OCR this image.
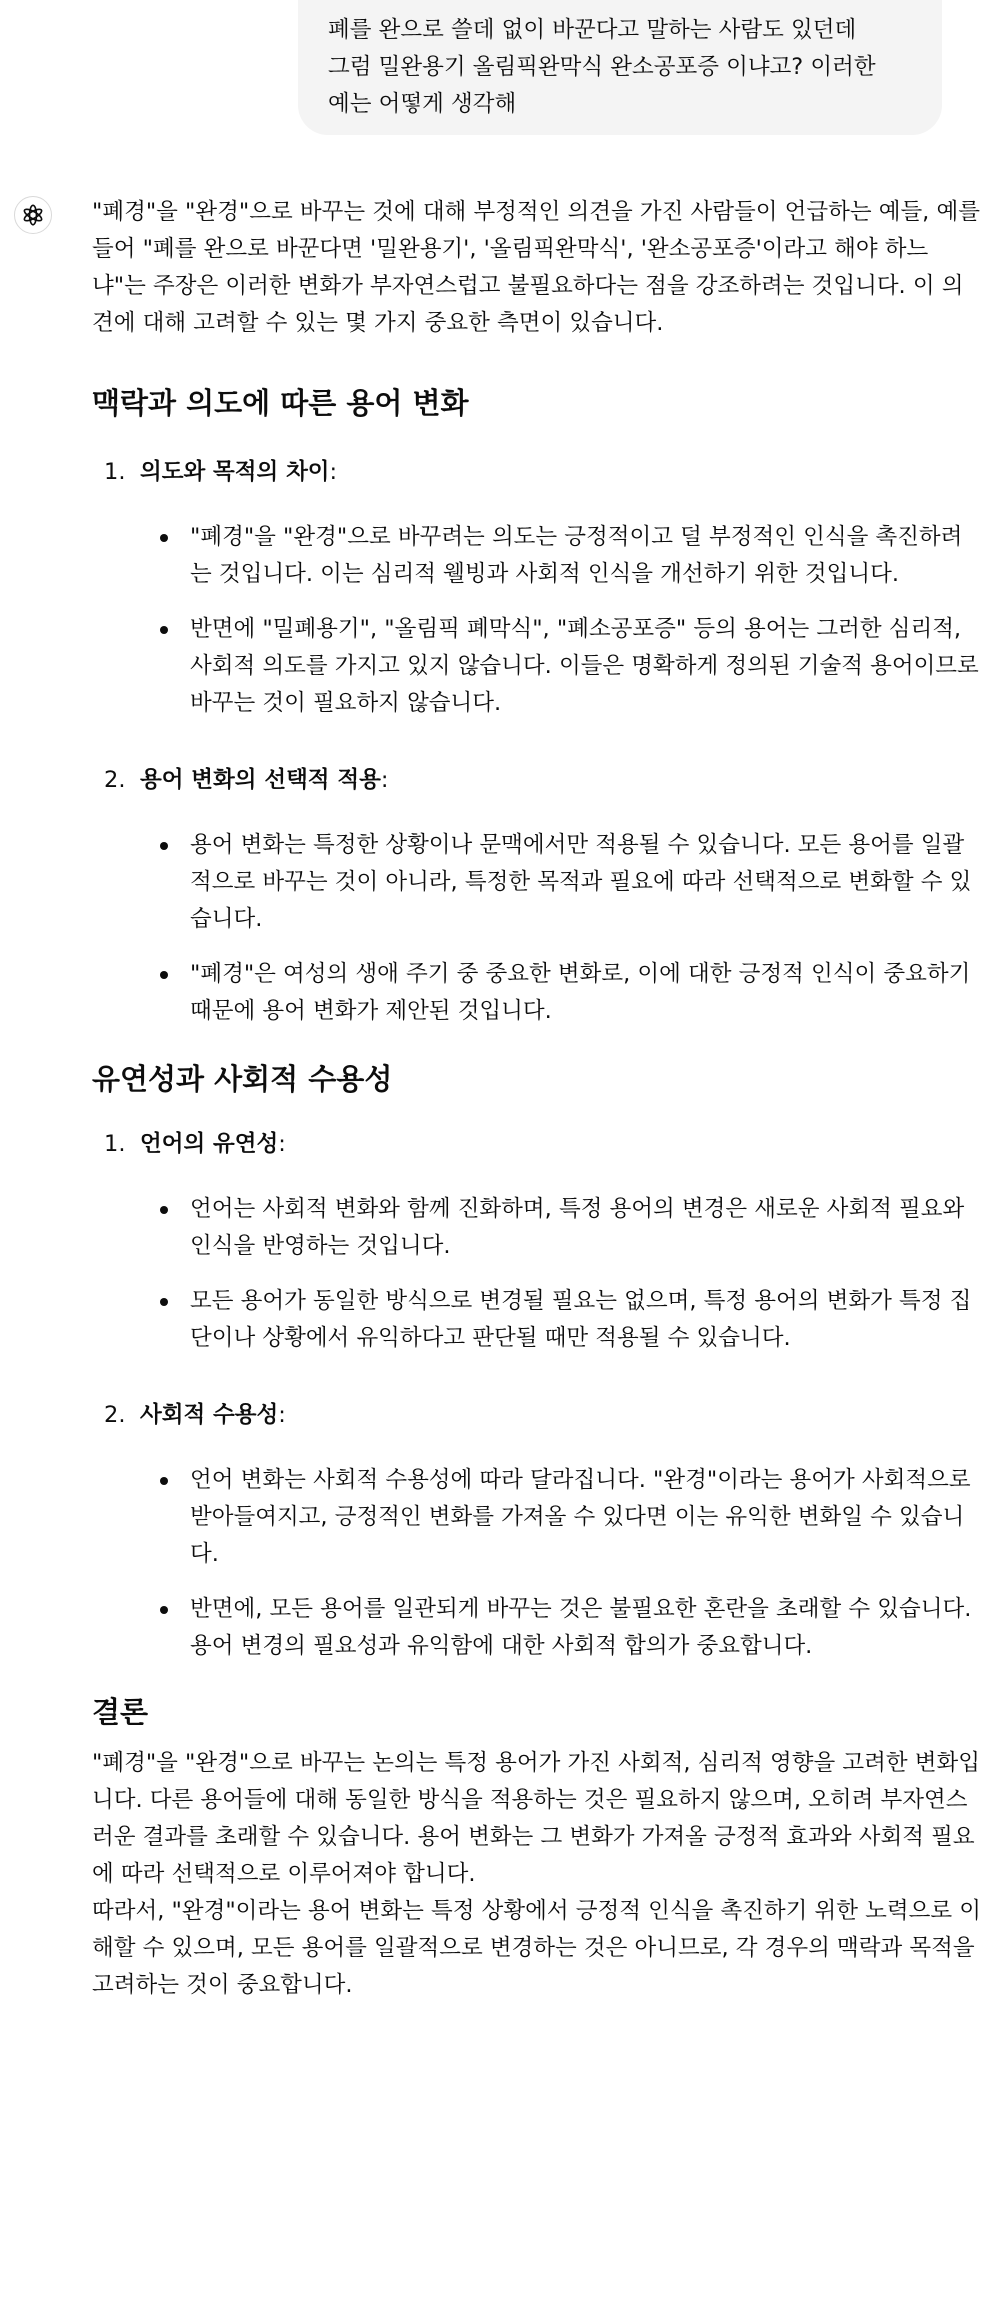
폐를 완으로 쓸데 없이 바꾼다고 말하는 사람도 있던데

그럼 밀완용기 올림픽완막식 완소공포증 이냐고? 이러한

예는 어떻게 생각해

"폐경"을 "완경"으로 바꾸는 것에 대해 부정적인 의견을 가진 사람들이 언급하는 예들, 예를 들어 "폐를 완으로 바꾼다면 '밀완용기', '올림픽완막식', '완소공포증'이라고 해야 하느냐"는 주장은 이러한 변화가 부자연스럽고 불필요하다는 점을 강조하려는 것입니다. 이 의견에 대해 고려할 수 있는 몇 가지 중요한 측면이 있습니다.

맥락과 의도에 따른 용어 변화
1. 의도와 목적의 차이:

"폐경"을 "완경"으로 바꾸려는 의도는 긍정적이고 덜 부정적인 인식을 촉진하려는 것입니다. 이는 심리적 웰빙과 사회적 인식을 개선하기 위한 것입니다.
반면에 "밀폐용기", "올림픽 폐막식", "폐소공포증" 등의 용어는 그러한 심리적, 사회적 의도를 가지고 있지 않습니다. 이들은 명확하게 정의된 기술적 용어이므로 바꾸는 것이 필요하지 않습니다.
2. 용어 변화의 선택적 적용:

용어 변화는 특정한 상황이나 문맥에서만 적용될 수 있습니다. 모든 용어를 일괄적으로 바꾸는 것이 아니라, 특정한 목적과 필요에 따라 선택적으로 변화할 수 있습니다.
"폐경"은 여성의 생애 주기 중 중요한 변화로, 이에 대한 긍정적 인식이 중요하기 때문에 용어 변화가 제안된 것입니다.
유연성과 사회적 수용성
1. 언어의 유연성:

언어는 사회적 변화와 함께 진화하며, 특정 용어의 변경은 새로운 사회적 필요와 인식을 반영하는 것입니다.
모든 용어가 동일한 방식으로 변경될 필요는 없으며, 특정 용어의 변화가 특정 집단이나 상황에서 유익하다고 판단될 때만 적용될 수 있습니다.
2. 사회적 수용성:

언어 변화는 사회적 수용성에 따라 달라집니다. "완경"이라는 용어가 사회적으로 받아들여지고, 긍정적인 변화를 가져올 수 있다면 이는 유익한 변화일 수 있습니다.
반면에, 모든 용어를 일관되게 바꾸는 것은 불필요한 혼란을 초래할 수 있습니다. 용어 변경의 필요성과 유익함에 대한 사회적 합의가 중요합니다.
결론

"폐경"을 "완경"으로 바꾸는 논의는 특정 용어가 가진 사회적, 심리적 영향을 고려한 변화입니다. 다른 용어들에 대해 동일한 방식을 적용하는 것은 필요하지 않으며, 오히려 부자연스러운 결과를 초래할 수 있습니다. 용어 변화는 그 변화가 가져올 긍정적 효과와 사회적 필요에 따라 선택적으로 이루어져야 합니다.

따라서, "완경"이라는 용어 변화는 특정 상황에서 긍정적 인식을 촉진하기 위한 노력으로 이해할 수 있으며, 모든 용어를 일괄적으로 변경하는 것은 아니므로, 각 경우의 맥락과 목적을 고려하는 것이 중요합니다.
